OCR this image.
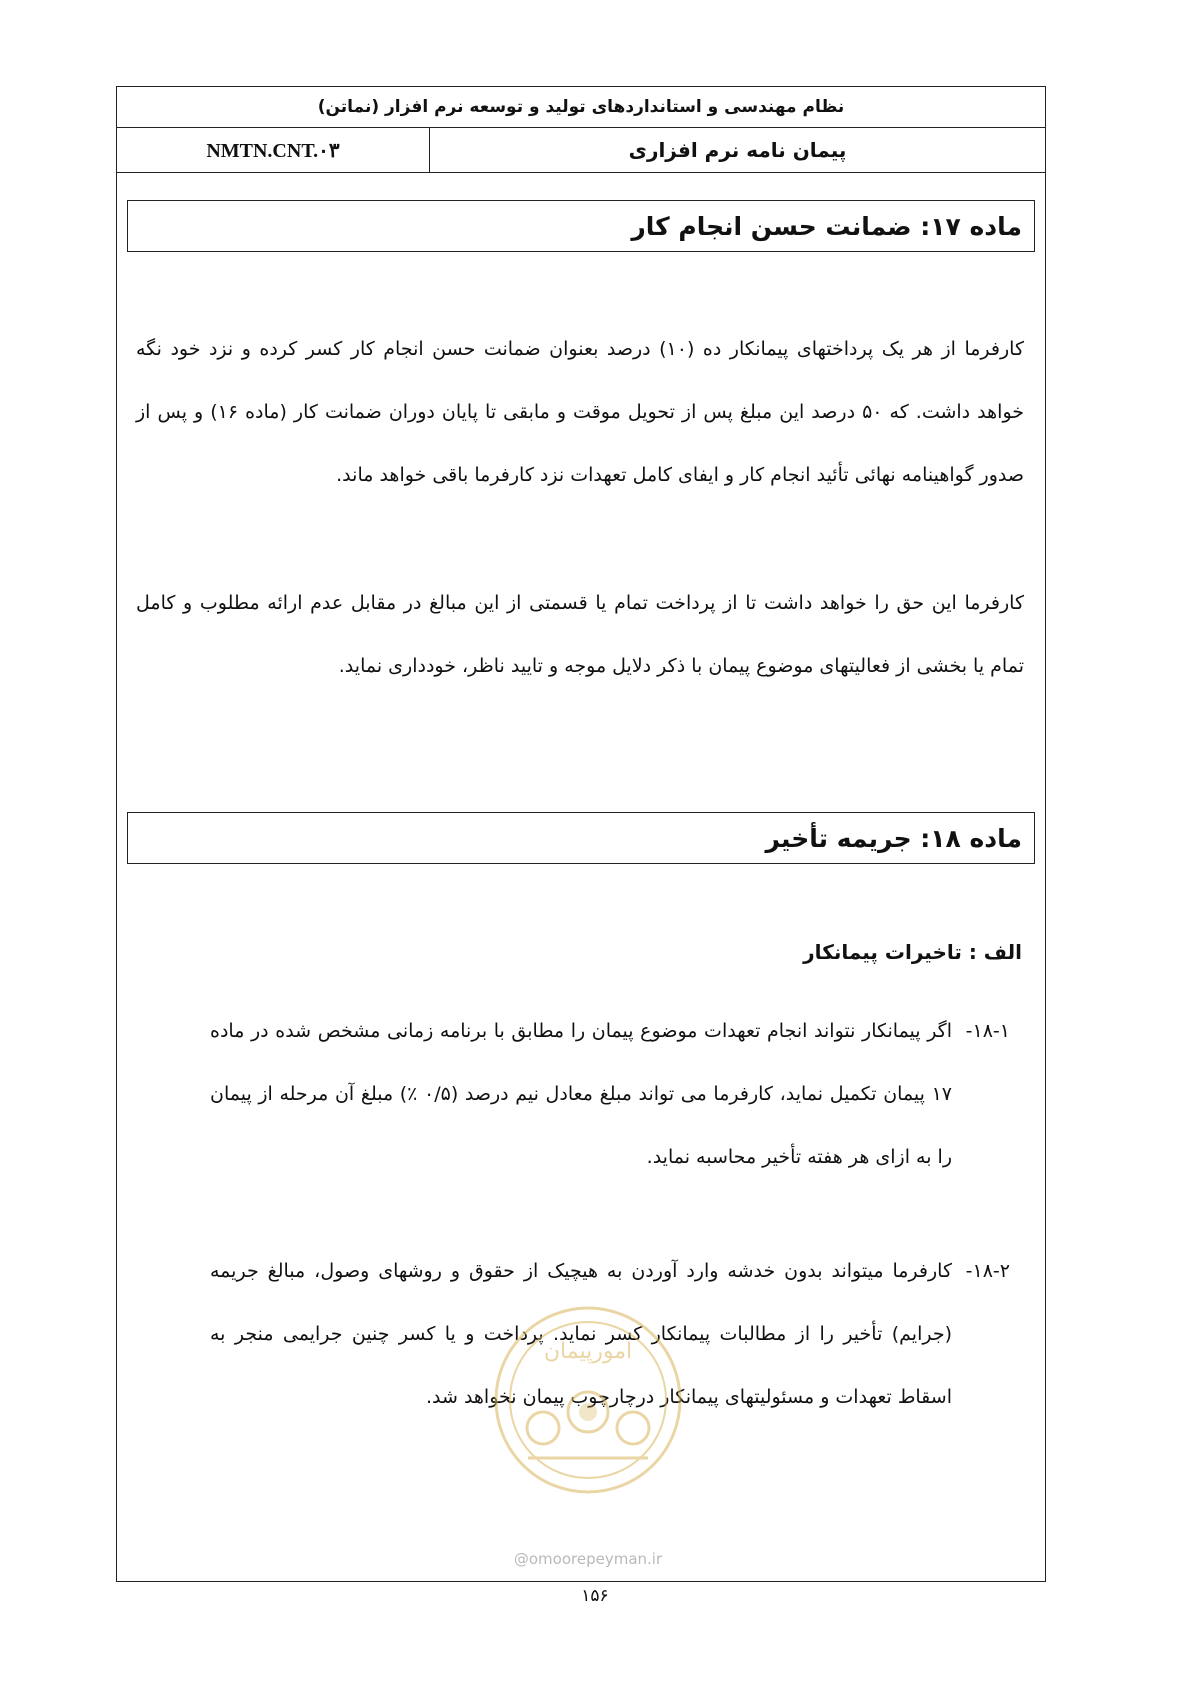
نظام مهندسی و استانداردهای تولید و توسعه نرم افزار (نماتن)
NMTN.CNT.۰۳	پیمان نامه نرم افزاری
ماده ۱۷: ضمانت حسن انجام کار
کارفرما از هر یک پرداختهای پیمانکار ده (۱۰) درصد بعنوان ضمانت حسن انجام کار کسر کرده و نزد خود نگه خواهد داشت. که ۵۰ درصد این مبلغ پس از تحویل موقت و مابقی تا پایان دوران ضمانت کار (ماده ۱۶) و پس از صدور گواهینامه نهائی تأئید انجام کار و ایفای کامل تعهدات نزد کارفرما باقی خواهد ماند.
کارفرما این حق را خواهد داشت تا از پرداخت تمام یا قسمتی از این مبالغ در مقابل عدم ارائه مطلوب و کامل تمام یا بخشی از فعالیتهای موضوع پیمان با ذکر دلایل موجه و تایید ناظر، خودداری نماید.
ماده ۱۸: جریمه تأخیر
الف : تاخیرات پیمانکار
۱۸-۱-
اگر پیمانکار نتواند انجام تعهدات موضوع پیمان را مطابق با برنامه زمانی مشخص شده در ماده ۱۷ پیمان تکمیل نماید، کارفرما می تواند مبلغ معادل نیم درصد (۰/۵ ٪) مبلغ آن مرحله از پیمان را به ازای هر هفته تأخیر محاسبه نماید.
۱۸-۲-
کارفرما میتواند بدون خدشه وارد آوردن به هیچیک از حقوق و روشهای وصول، مبالغ جریمه (جرایم) تأخیر را از مطالبات پیمانکار کسر نماید. پرداخت و یا کسر چنین جرایمی منجر به اسقاط تعهدات و مسئولیتهای پیمانکار درچارچوب پیمان نخواهد شد.
امورپیمان
@omoorepeyman.ir
۱۵۶
